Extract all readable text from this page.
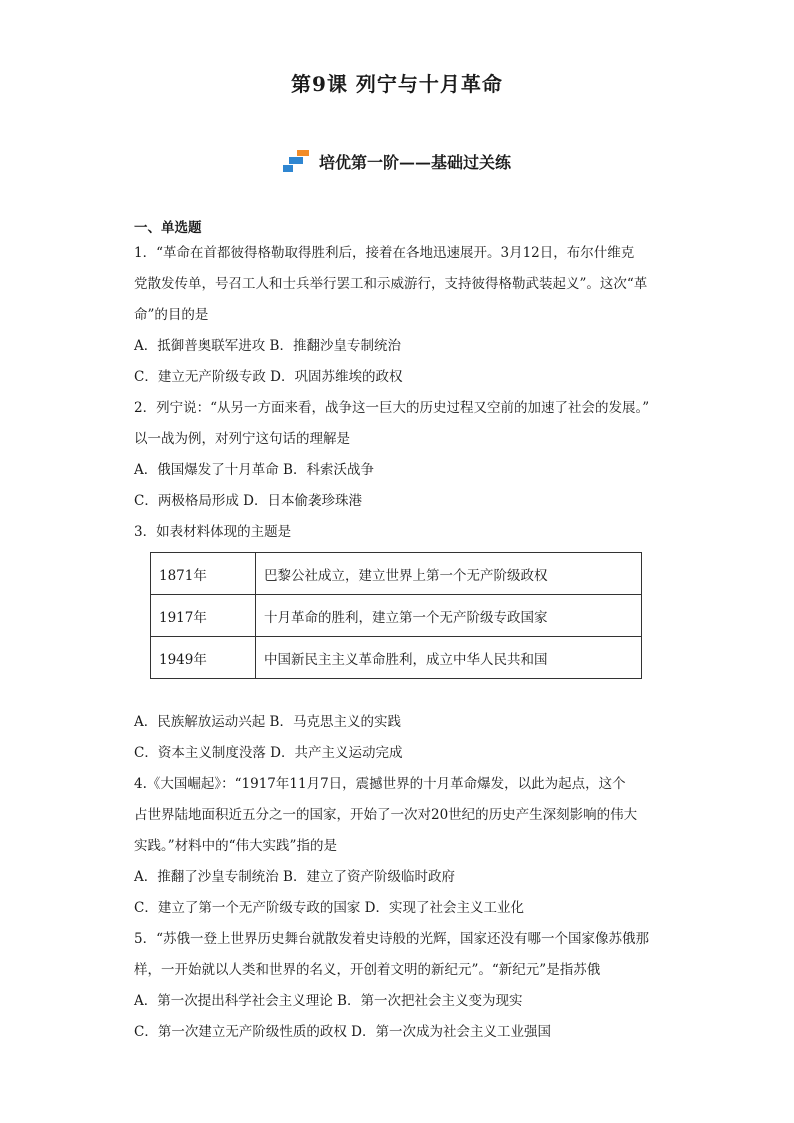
第9课 列宁与十月革命
培优第一阶——基础过关练
一、单选题
1．“革命在首都彼得格勒取得胜利后，接着在各地迅速展开。3月12日，布尔什维克
党散发传单，号召工人和士兵举行罢工和示威游行，支持彼得格勒武装起义”。这次“革
命”的目的是
A．抵御普奥联军进攻 B．推翻沙皇专制统治
C．建立无产阶级专政 D．巩固苏维埃的政权
2．列宁说：“从另一方面来看，战争这一巨大的历史过程又空前的加速了社会的发展。”
以一战为例，对列宁这句话的理解是
A．俄国爆发了十月革命 B．科索沃战争
C．两极格局形成 D．日本偷袭珍珠港
3．如表材料体现的主题是
1871年	巴黎公社成立，建立世界上第一个无产阶级政权
1917年	十月革命的胜利，建立第一个无产阶级专政国家
1949年	中国新民主主义革命胜利，成立中华人民共和国
A．民族解放运动兴起 B．马克思主义的实践
C．资本主义制度没落 D．共产主义运动完成
4.《大国崛起》：“1917年11月7日，震撼世界的十月革命爆发，以此为起点，这个
占世界陆地面积近五分之一的国家，开始了一次对20世纪的历史产生深刻影响的伟大
实践。”材料中的“伟大实践”指的是
A．推翻了沙皇专制统治 B．建立了资产阶级临时政府
C．建立了第一个无产阶级专政的国家 D．实现了社会主义工业化
5．“苏俄一登上世界历史舞台就散发着史诗般的光辉，国家还没有哪一个国家像苏俄那
样，一开始就以人类和世界的名义，开创着文明的新纪元”。“新纪元”是指苏俄
A．第一次提出科学社会主义理论 B．第一次把社会主义变为现实
C．第一次建立无产阶级性质的政权 D．第一次成为社会主义工业强国
